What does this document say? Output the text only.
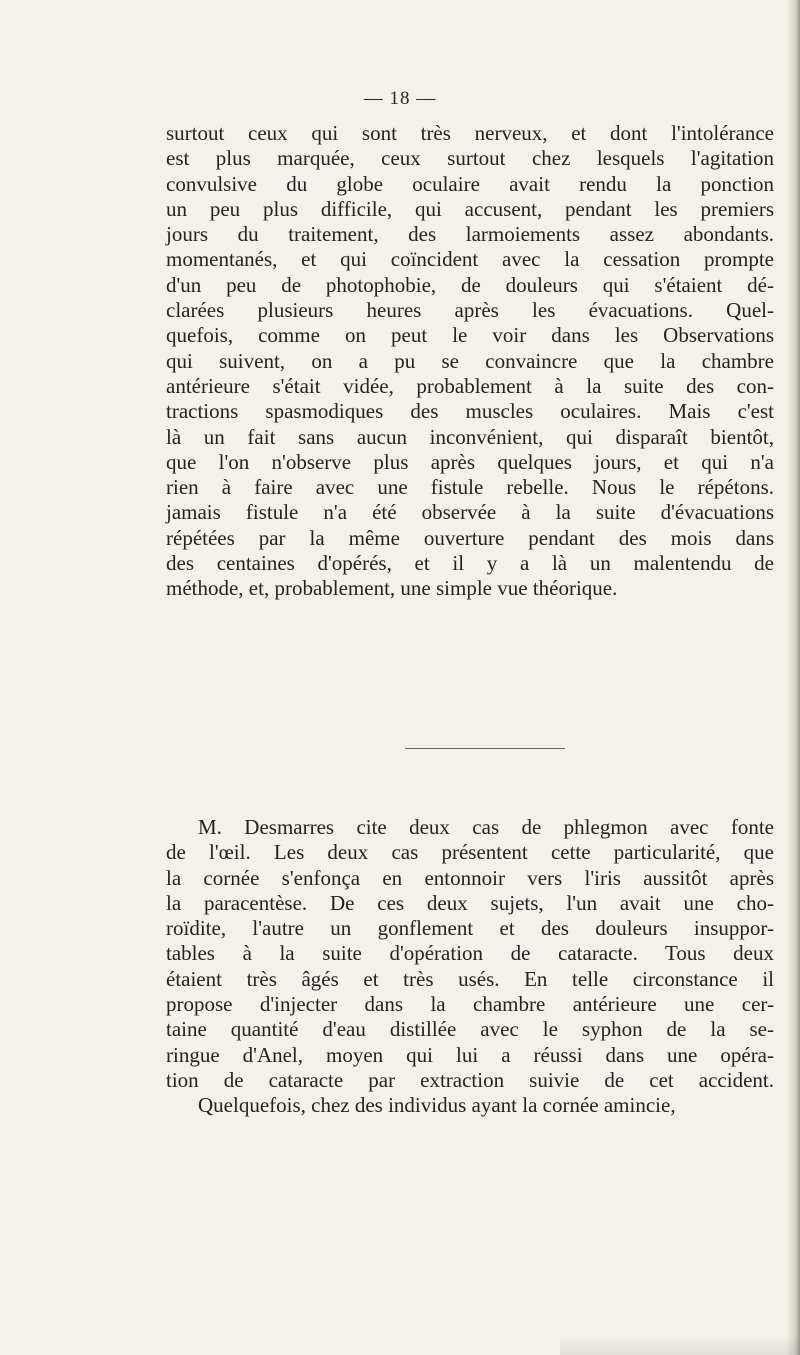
— 18 —
surtout ceux qui sont très nerveux, et dont l'intolérance
est plus marquée, ceux surtout chez lesquels l'agitation
convulsive du globe oculaire avait rendu la ponction
un peu plus difficile, qui accusent, pendant les premiers
jours du traitement, des larmoiements assez abondants.
momentanés, et qui coïncident avec la cessation prompte
d'un peu de photophobie, de douleurs qui s'étaient dé-
clarées plusieurs heures après les évacuations. Quel-
quefois, comme on peut le voir dans les Observations
qui suivent, on a pu se convaincre que la chambre
antérieure s'était vidée, probablement à la suite des con-
tractions spasmodiques des muscles oculaires. Mais c'est
là un fait sans aucun inconvénient, qui disparaît bientôt,
que l'on n'observe plus après quelques jours, et qui n'a
rien à faire avec une fistule rebelle. Nous le répétons.
jamais fistule n'a été observée à la suite d'évacuations
répétées par la même ouverture pendant des mois dans
des centaines d'opérés, et il y a là un malentendu de
méthode, et, probablement, une simple vue théorique.
M. Desmarres cite deux cas de phlegmon avec fonte
de l'œil. Les deux cas présentent cette particularité, que
la cornée s'enfonça en entonnoir vers l'iris aussitôt après
la paracentèse. De ces deux sujets, l'un avait une cho-
roïdite, l'autre un gonflement et des douleurs insuppor-
tables à la suite d'opération de cataracte. Tous deux
étaient très âgés et très usés. En telle circonstance il
propose d'injecter dans la chambre antérieure une cer-
taine quantité d'eau distillée avec le syphon de la se-
ringue d'Anel, moyen qui lui a réussi dans une opéra-
tion de cataracte par extraction suivie de cet accident.
Quelquefois, chez des individus ayant la cornée amincie,
